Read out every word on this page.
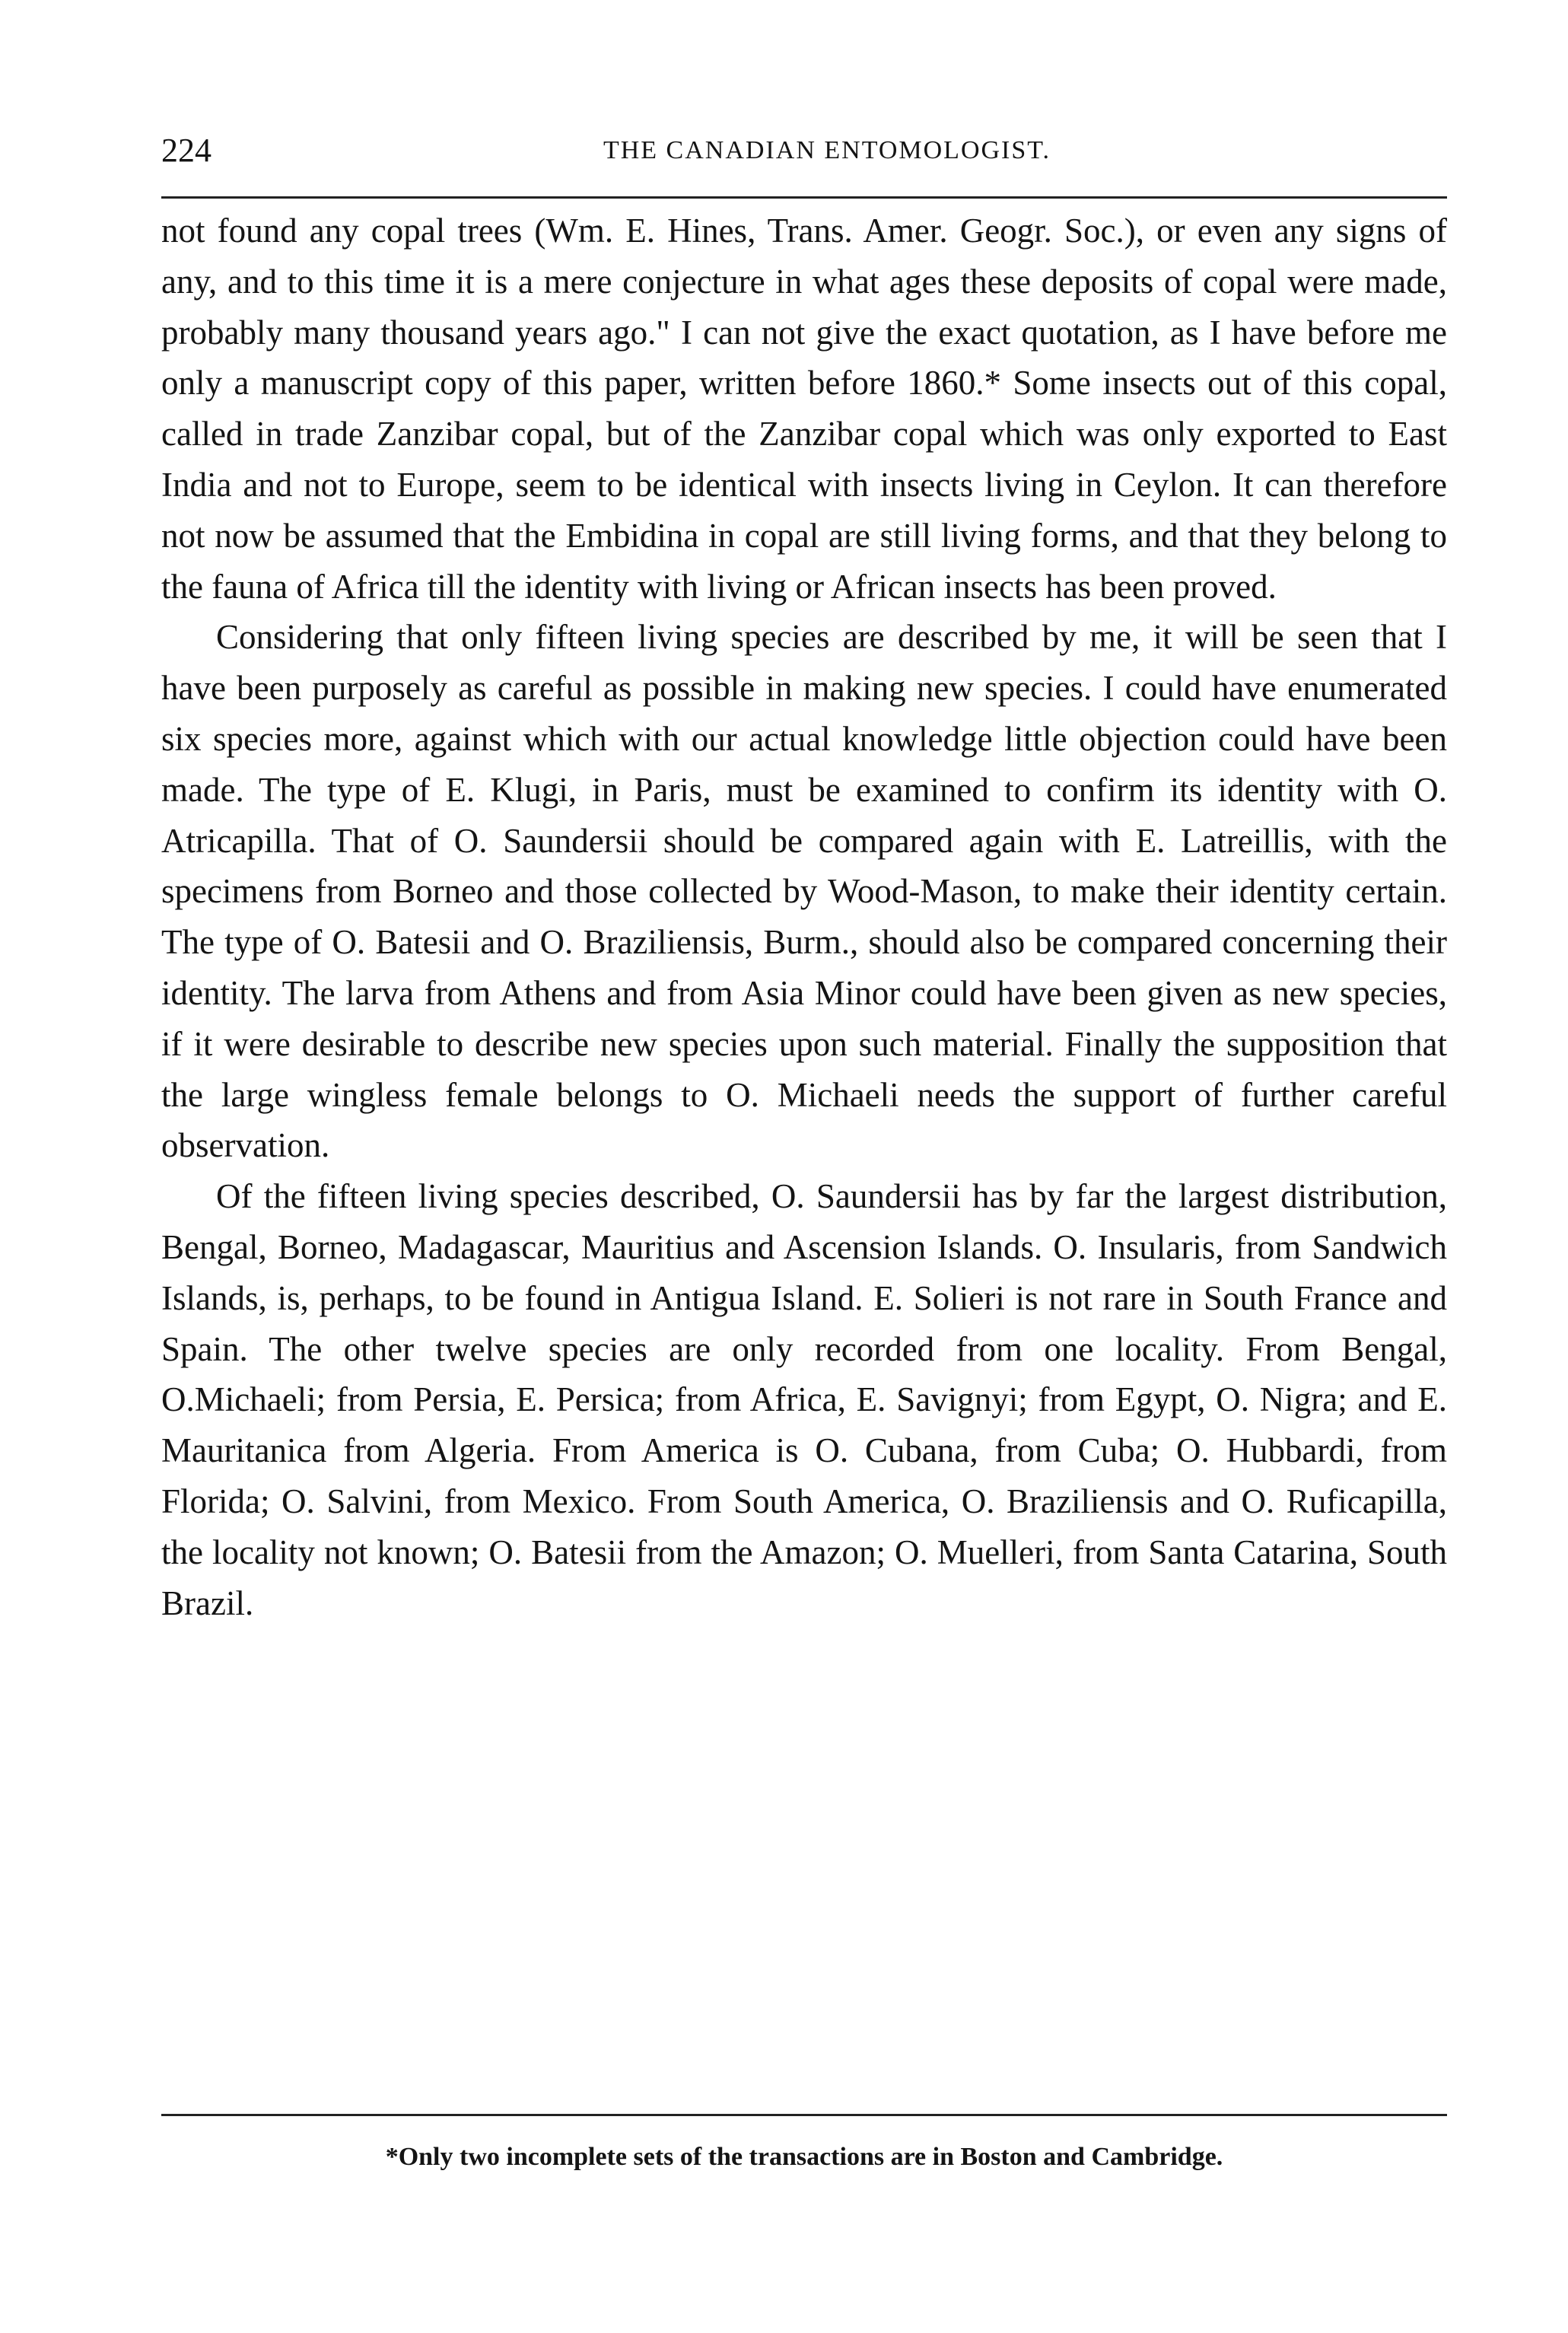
224	THE CANADIAN ENTOMOLOGIST.

not found any copal trees (Wm. E. Hines, Trans. Amer. Geogr. Soc.), or even any signs of any, and to this time it is a mere conjecture in what ages these deposits of copal were made, probably many thousand years ago." I can not give the exact quotation, as I have before me only a manuscript copy of this paper, written before 1860.* Some insects out of this copal, called in trade Zanzibar copal, but of the Zanzibar copal which was only exported to East India and not to Europe, seem to be identical with insects living in Ceylon. It can therefore not now be assumed that the Embidina in copal are still living forms, and that they belong to the fauna of Africa till the identity with living or African insects has been proved.

Considering that only fifteen living species are described by me, it will be seen that I have been purposely as careful as possible in making new species. I could have enumerated six species more, against which with our actual knowledge little objection could have been made. The type of E. Klugi, in Paris, must be examined to confirm its identity with O. Atricapilla. That of O. Saundersii should be compared again with E. Latreillis, with the specimens from Borneo and those collected by Wood-Mason, to make their identity certain. The type of O. Batesii and O. Braziliensis, Burm., should also be compared concerning their identity. The larva from Athens and from Asia Minor could have been given as new species, if it were desirable to describe new species upon such material. Finally the supposition that the large wingless female belongs to O. Michaeli needs the support of further careful observation.

Of the fifteen living species described, O. Saundersii has by far the largest distribution, Bengal, Borneo, Madagascar, Mauritius and Ascension Islands. O. Insularis, from Sandwich Islands, is, perhaps, to be found in Antigua Island. E. Solieri is not rare in South France and Spain. The other twelve species are only recorded from one locality. From Bengal, O.Michaeli; from Persia, E. Persica; from Africa, E. Savignyi; from Egypt, O. Nigra; and E. Mauritanica from Algeria. From America is O. Cubana, from Cuba; O. Hubbardi, from Florida; O. Salvini, from Mexico. From South America, O. Braziliensis and O. Ruficapilla, the locality not known; O. Batesii from the Amazon; O. Muelleri, from Santa Catarina, South Brazil.

*Only two incomplete sets of the transactions are in Boston and Cambridge.
